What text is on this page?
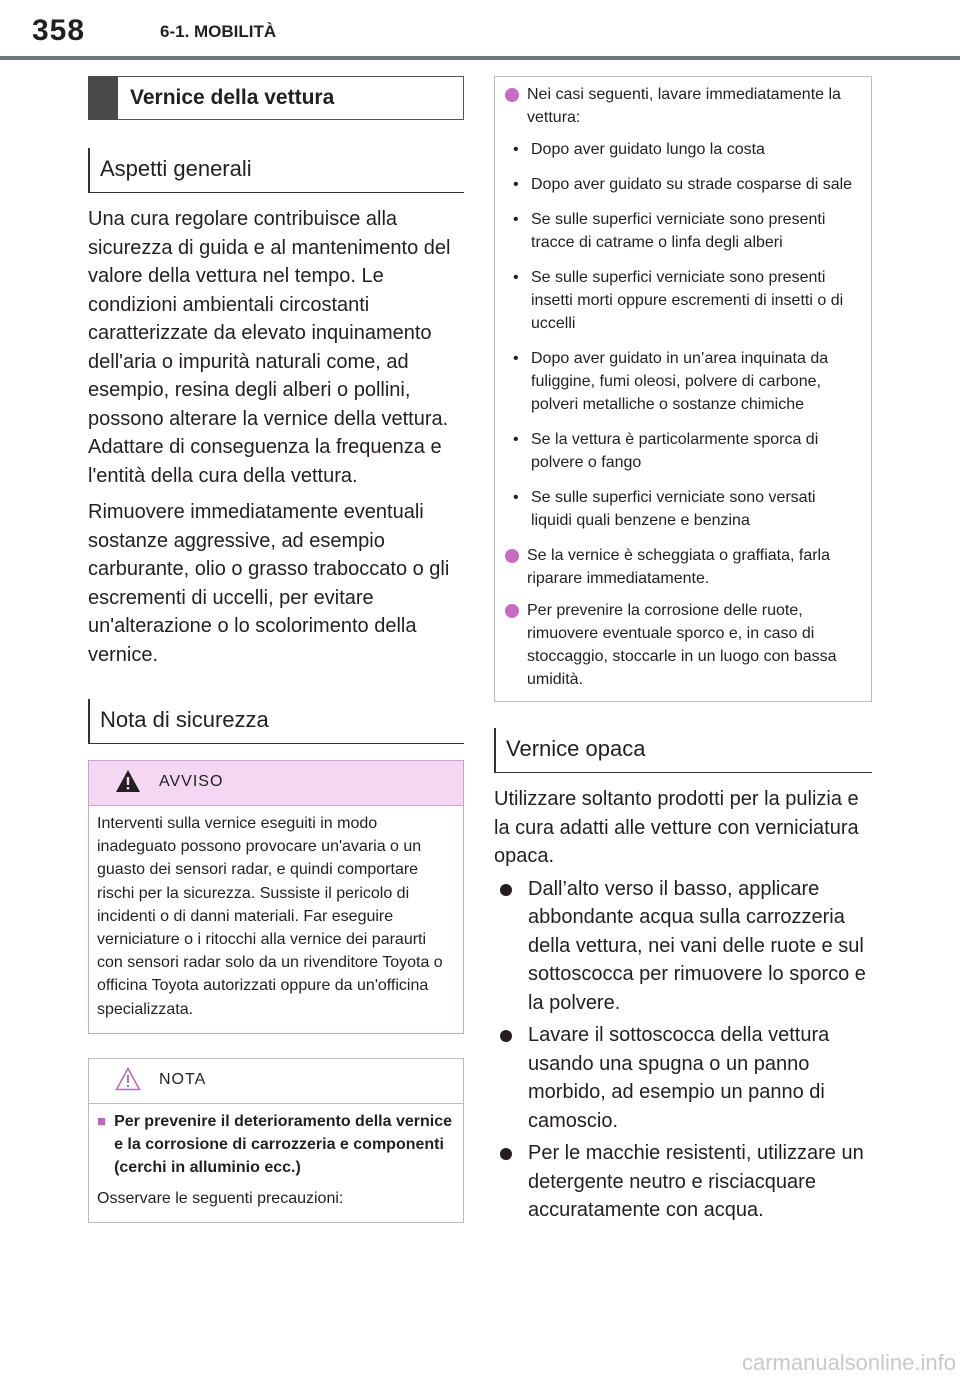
358	6-1. MOBILITÀ
Vernice della vettura
Aspetti generali

Una cura regolare contribuisce alla sicurezza di guida e al mantenimento del valore della vettura nel tempo. Le condizioni ambientali circostanti caratterizzate da elevato inquinamento dell'aria o impurità naturali come, ad esempio, resina degli alberi o pollini, possono alterare la vernice della vettura. Adattare di conseguenza la frequenza e l'entità della cura della vettura.

Rimuovere immediatamente eventuali sostanze aggressive, ad esempio carburante, olio o grasso traboccato o gli escrementi di uccelli, per evitare un'alterazione o lo scolorimento della vernice.

Nota di sicurezza
AVVISO
Interventi sulla vernice eseguiti in modo inadeguato possono provocare un'avaria o un guasto dei sensori radar, e quindi comportare rischi per la sicurezza. Sussiste il pericolo di incidenti o di danni materiali. Far eseguire verniciature o i ritocchi alla vernice dei paraurti con sensori radar solo da un rivenditore Toyota o officina Toyota autorizzati oppure da un'officina specializzata.
NOTA
■ Per prevenire il deterioramento della vernice e la corrosione di carrozzeria e componenti (cerchi in alluminio ecc.)
Osservare le seguenti precauzioni:
Nei casi seguenti, lavare immediatamente la vettura:
• Dopo aver guidato lungo la costa
• Dopo aver guidato su strade cosparse di sale
• Se sulle superfici verniciate sono presenti tracce di catrame o linfa degli alberi
• Se sulle superfici verniciate sono presenti insetti morti oppure escrementi di insetti o di uccelli
• Dopo aver guidato in un’area inquinata da fuliggine, fumi oleosi, polvere di carbone, polveri metalliche o sostanze chimiche
• Se la vettura è particolarmente sporca di polvere o fango
• Se sulle superfici verniciate sono versati liquidi quali benzene e benzina
Se la vernice è scheggiata o graffiata, farla riparare immediatamente.
Per prevenire la corrosione delle ruote, rimuovere eventuale sporco e, in caso di stoccaggio, stoccarle in un luogo con bassa umidità.
Vernice opaca

Utilizzare soltanto prodotti per la pulizia e la cura adatti alle vetture con verniciatura opaca.

Dall’alto verso il basso, applicare abbondante acqua sulla carrozzeria della vettura, nei vani delle ruote e sul sottoscocca per rimuovere lo sporco e la polvere.
Lavare il sottoscocca della vettura usando una spugna o un panno morbido, ad esempio un panno di camoscio.
Per le macchie resistenti, utilizzare un detergente neutro e risciacquare accuratamente con acqua.
carmanualsonline.info
